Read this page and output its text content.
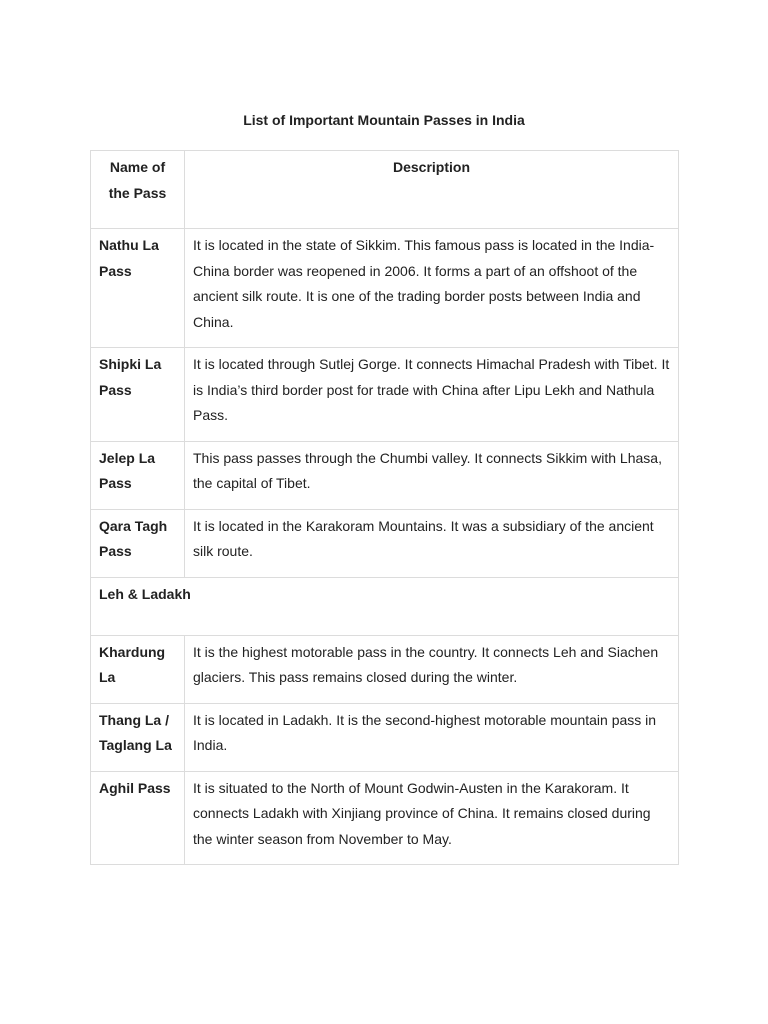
List of Important Mountain Passes in India
Name of the Pass	Description
Nathu La Pass	It is located in the state of Sikkim. This famous pass is located in the India-China border was reopened in 2006. It forms a part of an offshoot of the ancient silk route. It is one of the trading border posts between India and China.
Shipki La Pass	It is located through Sutlej Gorge. It connects Himachal Pradesh with Tibet. It is India’s third border post for trade with China after Lipu Lekh and Nathula Pass.
Jelep La Pass	This pass passes through the Chumbi valley. It connects Sikkim with Lhasa, the capital of Tibet.
Qara Tagh Pass	It is located in the Karakoram Mountains. It was a subsidiary of the ancient silk route.
Leh & Ladakh	
Khardung La	It is the highest motorable pass in the country. It connects Leh and Siachen glaciers. This pass remains closed during the winter.
Thang La / Taglang La	It is located in Ladakh. It is the second-highest motorable mountain pass in India.
Aghil Pass	It is situated to the North of Mount Godwin-Austen in the Karakoram. It connects Ladakh with Xinjiang province of China. It remains closed during the winter season from November to May.
